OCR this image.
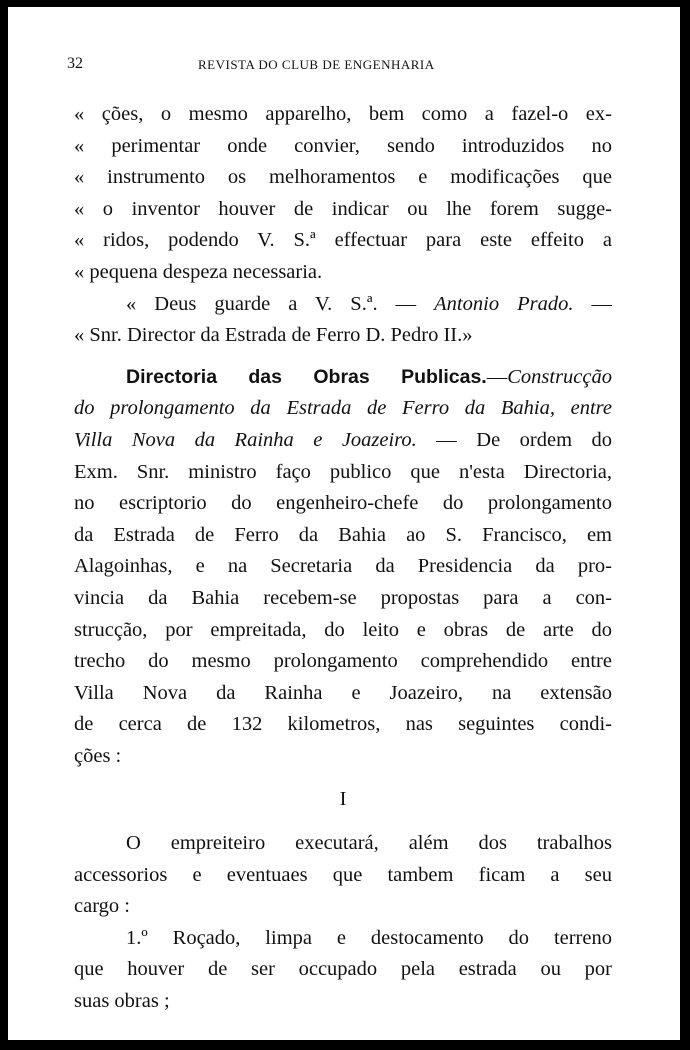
32	REVISTA DO CLUB DE ENGENHARIA
« ções, o mesmo apparelho, bem como a fazel-o ex-
« perimentar onde convier, sendo introduzidos no
« instrumento os melhoramentos e modificações que
« o inventor houver de indicar ou lhe forem sugge-
« ridos, podendo V. S.ª effectuar para este effeito a
« pequena despeza necessaria.
« Deus guarde a V. S.ª. — Antonio Prado. —
« Snr. Director da Estrada de Ferro D. Pedro II.»
Directoria das Obras Publicas.—Construcção
do prolongamento da Estrada de Ferro da Bahia, entre
Villa Nova da Rainha e Joazeiro. — De ordem do
Exm. Snr. ministro faço publico que n'esta Directoria,
no escriptorio do engenheiro-chefe do prolongamento
da Estrada de Ferro da Bahia ao S. Francisco, em
Alagoinhas, e na Secretaria da Presidencia da pro-
vincia da Bahia recebem-se propostas para a con-
strucção, por empreitada, do leito e obras de arte do
trecho do mesmo prolongamento comprehendido entre
Villa Nova da Rainha e Joazeiro, na extensão
de cerca de 132 kilometros, nas seguintes condi-
ções :
I
O empreiteiro executará, além dos trabalhos
accessorios e eventuaes que tambem ficam a seu
cargo :
1.º Roçado, limpa e destocamento do terreno
que houver de ser occupado pela estrada ou por
suas obras ;
